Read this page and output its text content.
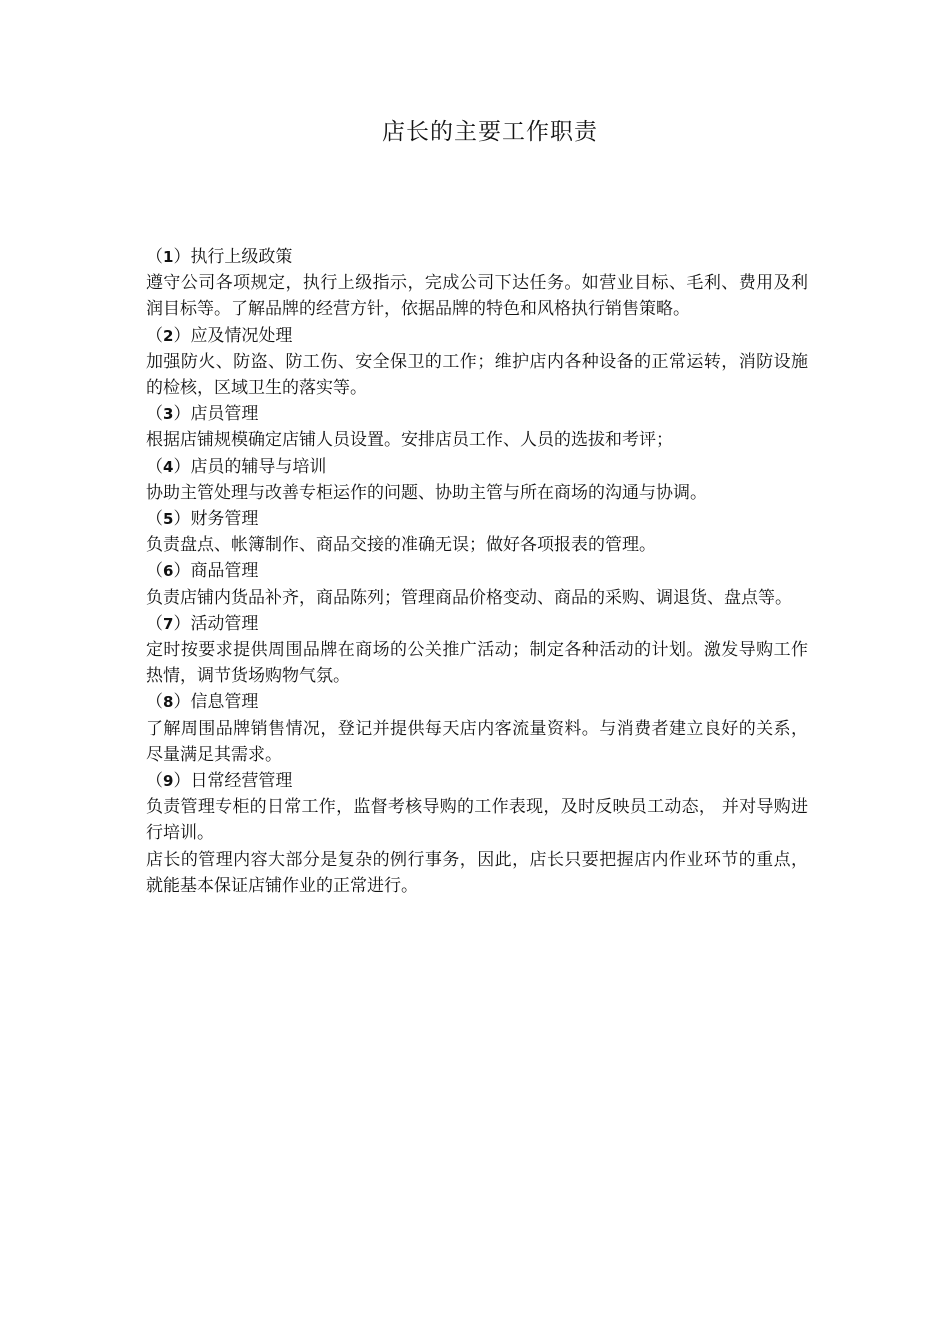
店长的主要工作职责

（1）执行上级政策

遵守公司各项规定，执行上级指示，完成公司下达任务。如营业目标、毛利、费用及利润目标等。了解品牌的经营方针，依据品牌的特色和风格执行销售策略。

（2）应及情况处理

加强防火、防盗、防工伤、安全保卫的工作；维护店内各种设备的正常运转，消防设施的检核，区域卫生的落实等。

（3）店员管理

根据店铺规模确定店铺人员设置。安排店员工作、人员的选拔和考评；

（4）店员的辅导与培训

协助主管处理与改善专柜运作的问题、协助主管与所在商场的沟通与协调。

（5）财务管理

负责盘点、帐簿制作、商品交接的准确无误；做好各项报表的管理。

（6）商品管理

负责店铺内货品补齐，商品陈列；管理商品价格变动、商品的采购、调退货、盘点等。

（7）活动管理

定时按要求提供周围品牌在商场的公关推广活动；制定各种活动的计划。激发导购工作热情，调节货场购物气氛。

（8）信息管理

了解周围品牌销售情况，登记并提供每天店内客流量资料。与消费者建立良好的关系，尽量满足其需求。

（9）日常经营管理

负责管理专柜的日常工作，监督考核导购的工作表现，及时反映员工动态， 并对导购进行培训。

店长的管理内容大部分是复杂的例行事务，因此，店长只要把握店内作业环节的重点，就能基本保证店铺作业的正常进行。
